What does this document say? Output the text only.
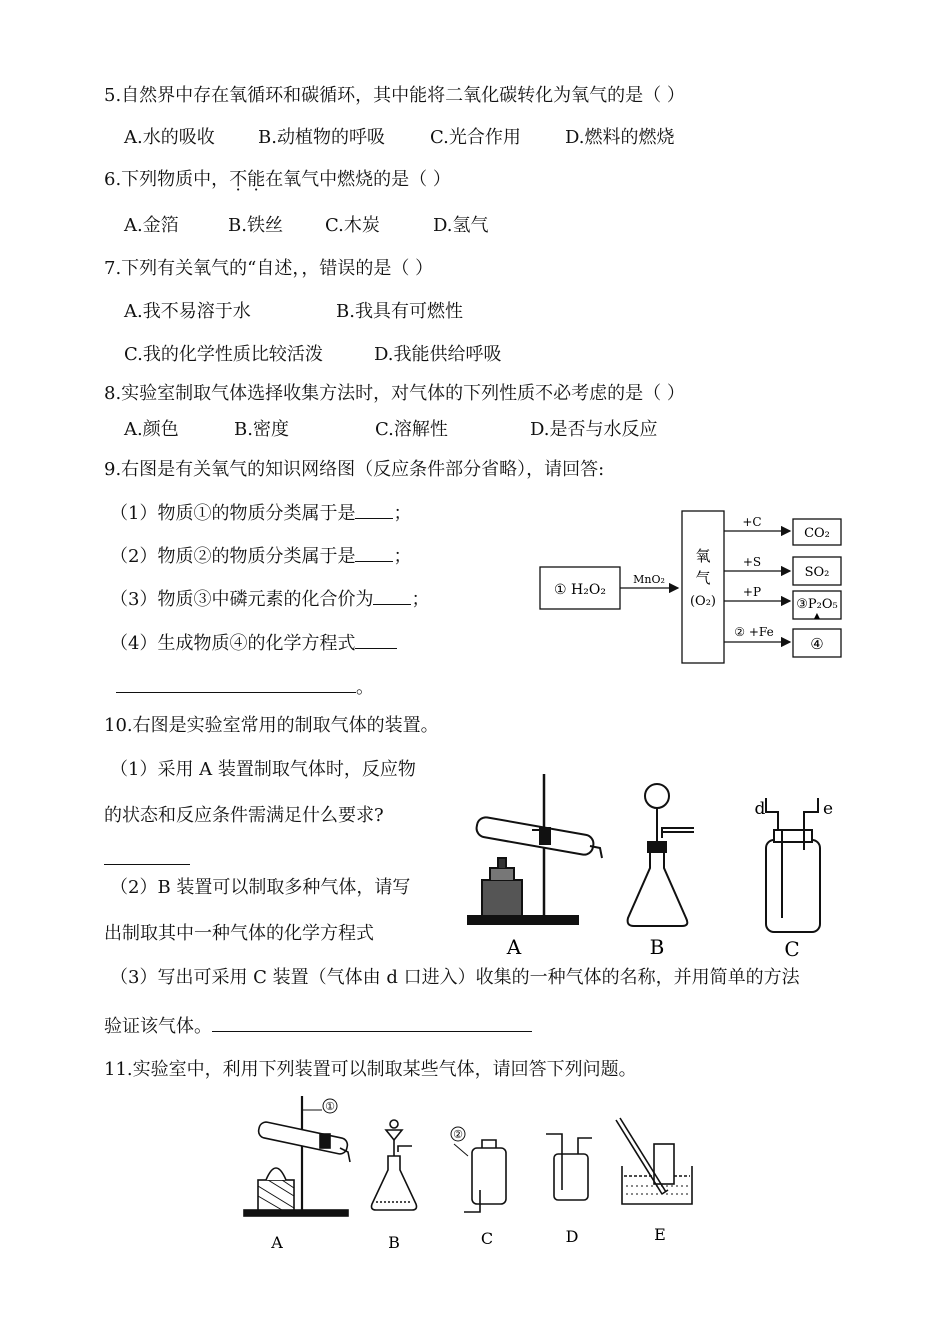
5.自然界中存在氧循环和碳循环，其中能将二氧化碳转化为氧气的是（ ）
A.水的吸收 B.动植物的呼吸	C.光合作用 D.燃料的燃烧
6.下列物质中，不能在氧气中燃烧的是（ ）
A.金箔	B.铁丝 C.木炭	D.氢气
7.下列有关氧气的“自述，，错误的是（ ）
A.我不易溶于水	B.我具有可燃性
C.我的化学性质比较活泼	D.我能供给呼吸
8.实验室制取气体选择收集方法时，对气体的下列性质不必考虑的是（ ）
A.颜色	B.密度	C.溶解性	D.是否与水反应
9.右图是有关氧气的知识网络图（反应条件部分省略），请回答:
（1）物质①的物质分类属于是 ；
（2）物质②的物质分类属于是 ；
（3）物质③中磷元素的化合价为 ；
（4）生成物质④的化学方程式
。
① H₂O₂
MnO₂
氧
气
(O₂)
+C
CO₂
+S
SO₂
+P
③P₂O₅
▲
② +Fe
④
10.右图是实验室常用的制取气体的装置。
（1）采用 A 装置制取气体时，反应物
的状态和反应条件需满足什么要求?
（2）B 装置可以制取多种气体，请写
出制取其中一种气体的化学方程式
（3）写出可采用 C 装置（气体由 d 口进入）收集的一种气体的名称，并用简单的方法
验证该气体。
A	B
d	e
C
11.实验室中，利用下列装置可以制取某些气体，请回答下列问题。
①
A	B
②
C	D	E
